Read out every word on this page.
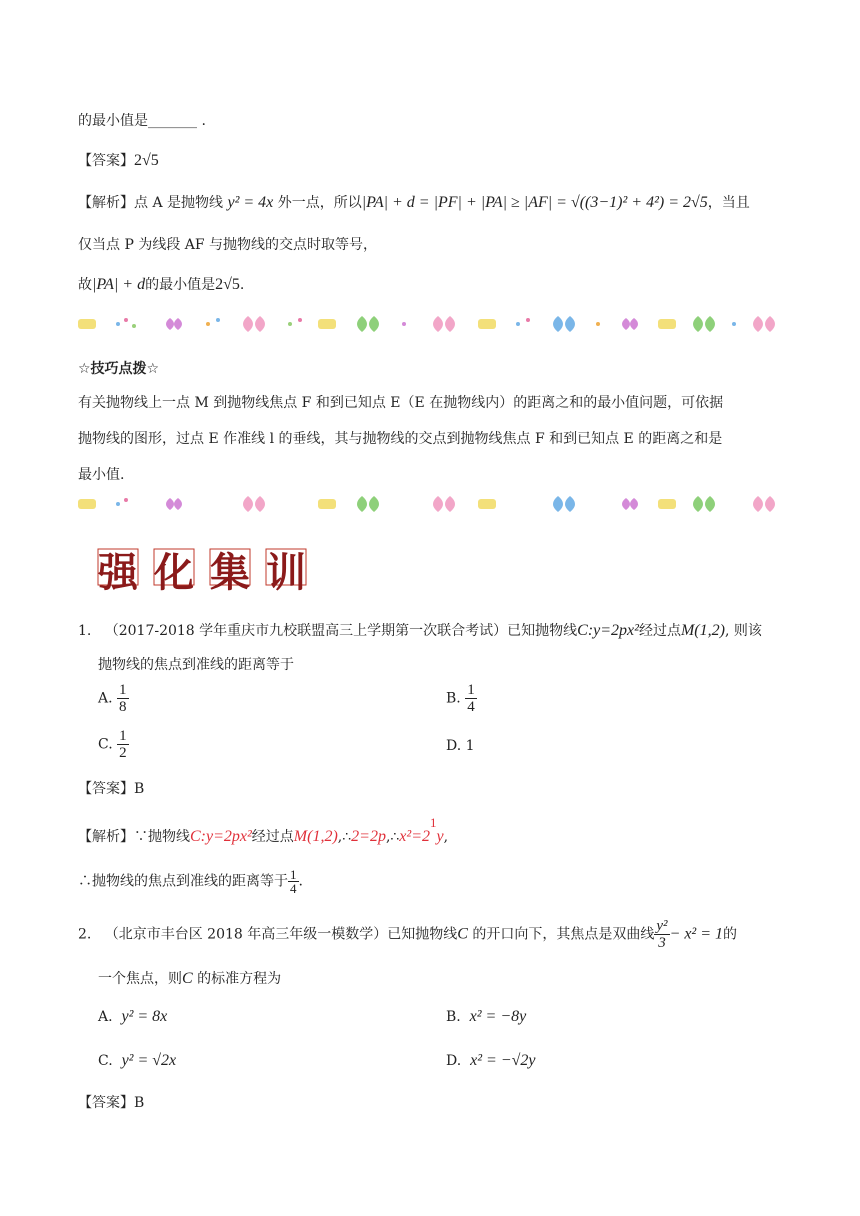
的最小值是_______ .
【答案】2√5
【解析】点 A 是抛物线 y² = 4x 外一点，所以|PA| + d = |PF| + |PA| ≥ |AF| = √((3−1)² + 4²) = 2√5，当且
仅当点 P 为线段 AF 与抛物线的交点时取等号，
故|PA| + d的最小值是2√5.
☆技巧点拨☆
有关抛物线上一点 M 到抛物线焦点 F 和到已知点 E（E 在抛物线内）的距离之和的最小值问题，可依据
抛物线的图形，过点 E 作准线 l 的垂线，其与抛物线的交点到抛物线焦点 F 和到已知点 E 的距离之和是
最小值.
强化集训
1. （2017-2018 学年重庆市九校联盟高三上学期第一次联合考试）已知抛物线C:y=2px²经过点M(1,2), 则该
抛物线的焦点到准线的距离等于
A. $\frac{1}{8}$	B. $\frac{1}{4}$
C. $\frac{1}{2}$	D. 1
【答案】B
【解析】∵抛物线C:y=2px²经过点M(1,2),∴2=2p,∴x²=21y,
∴抛物线的焦点到准线的距离等于 $\frac{1}{4}$ .
2. （北京市丰台区 2018 年高三年级一模数学）已知抛物线C 的开口向下，其焦点是双曲线 $\frac{\text{y²}}{3} - x^2 = 1$的
一个焦点，则C 的标准方程为
A. y² = 8x	B. x² = −8y
C. y² = √2x	D. x² = −√2y
【答案】B
